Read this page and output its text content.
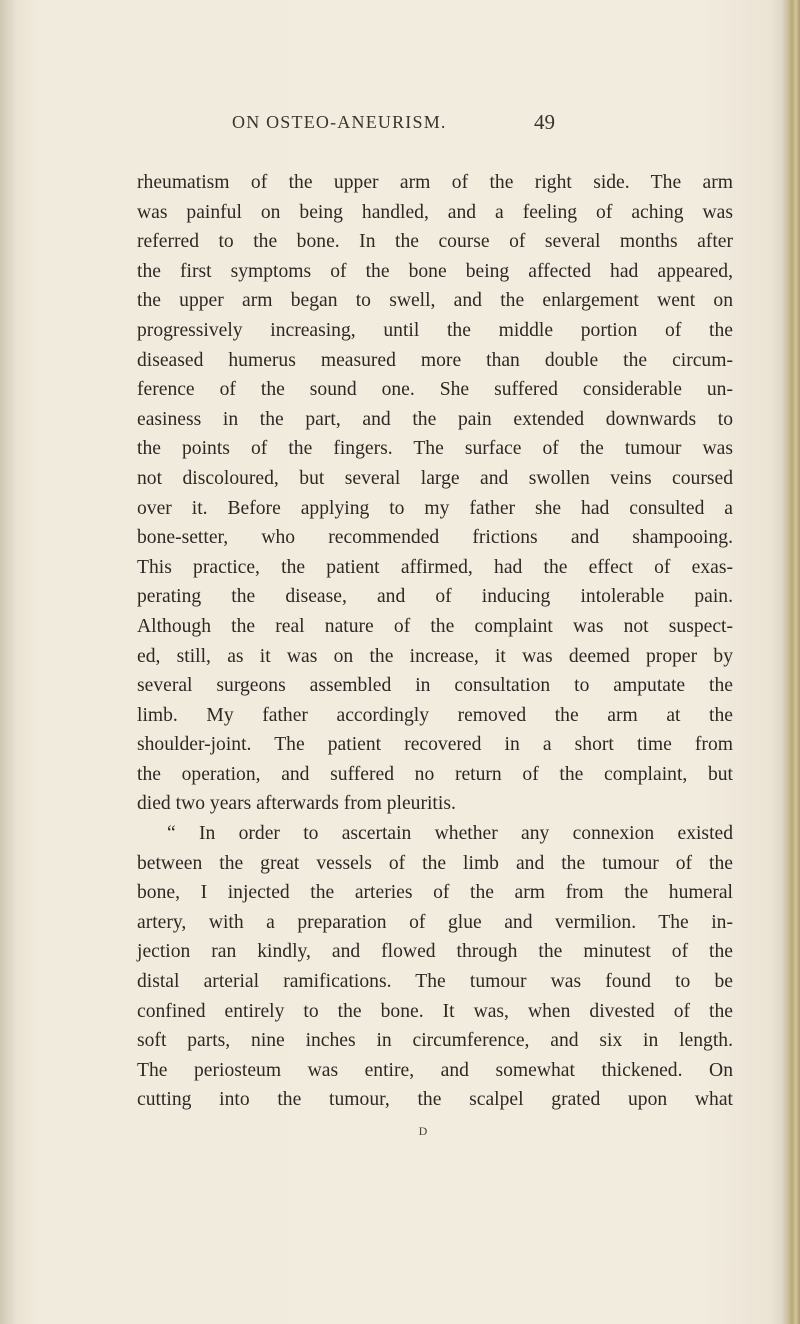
ON OSTEO-ANEURISM.	49
rheumatism of the upper arm of the right side. The arm
was painful on being handled, and a feeling of aching was
referred to the bone. In the course of several months after
the first symptoms of the bone being affected had appeared,
the upper arm began to swell, and the enlargement went on
progressively increasing, until the middle portion of the
diseased humerus measured more than double the circum-
ference of the sound one. She suffered considerable un-
easiness in the part, and the pain extended downwards to
the points of the fingers. The surface of the tumour was
not discoloured, but several large and swollen veins coursed
over it. Before applying to my father she had consulted a
bone-setter, who recommended frictions and shampooing.
This practice, the patient affirmed, had the effect of exas-
perating the disease, and of inducing intolerable pain.
Although the real nature of the complaint was not suspect-
ed, still, as it was on the increase, it was deemed proper by
several surgeons assembled in consultation to amputate the
limb. My father accordingly removed the arm at the
shoulder-joint. The patient recovered in a short time from
the operation, and suffered no return of the complaint, but
died two years afterwards from pleuritis.
“ In order to ascertain whether any connexion existed
between the great vessels of the limb and the tumour of the
bone, I injected the arteries of the arm from the humeral
artery, with a preparation of glue and vermilion. The in-
jection ran kindly, and flowed through the minutest of the
distal arterial ramifications. The tumour was found to be
confined entirely to the bone. It was, when divested of the
soft parts, nine inches in circumference, and six in length.
The periosteum was entire, and somewhat thickened. On
cutting into the tumour, the scalpel grated upon what
D
